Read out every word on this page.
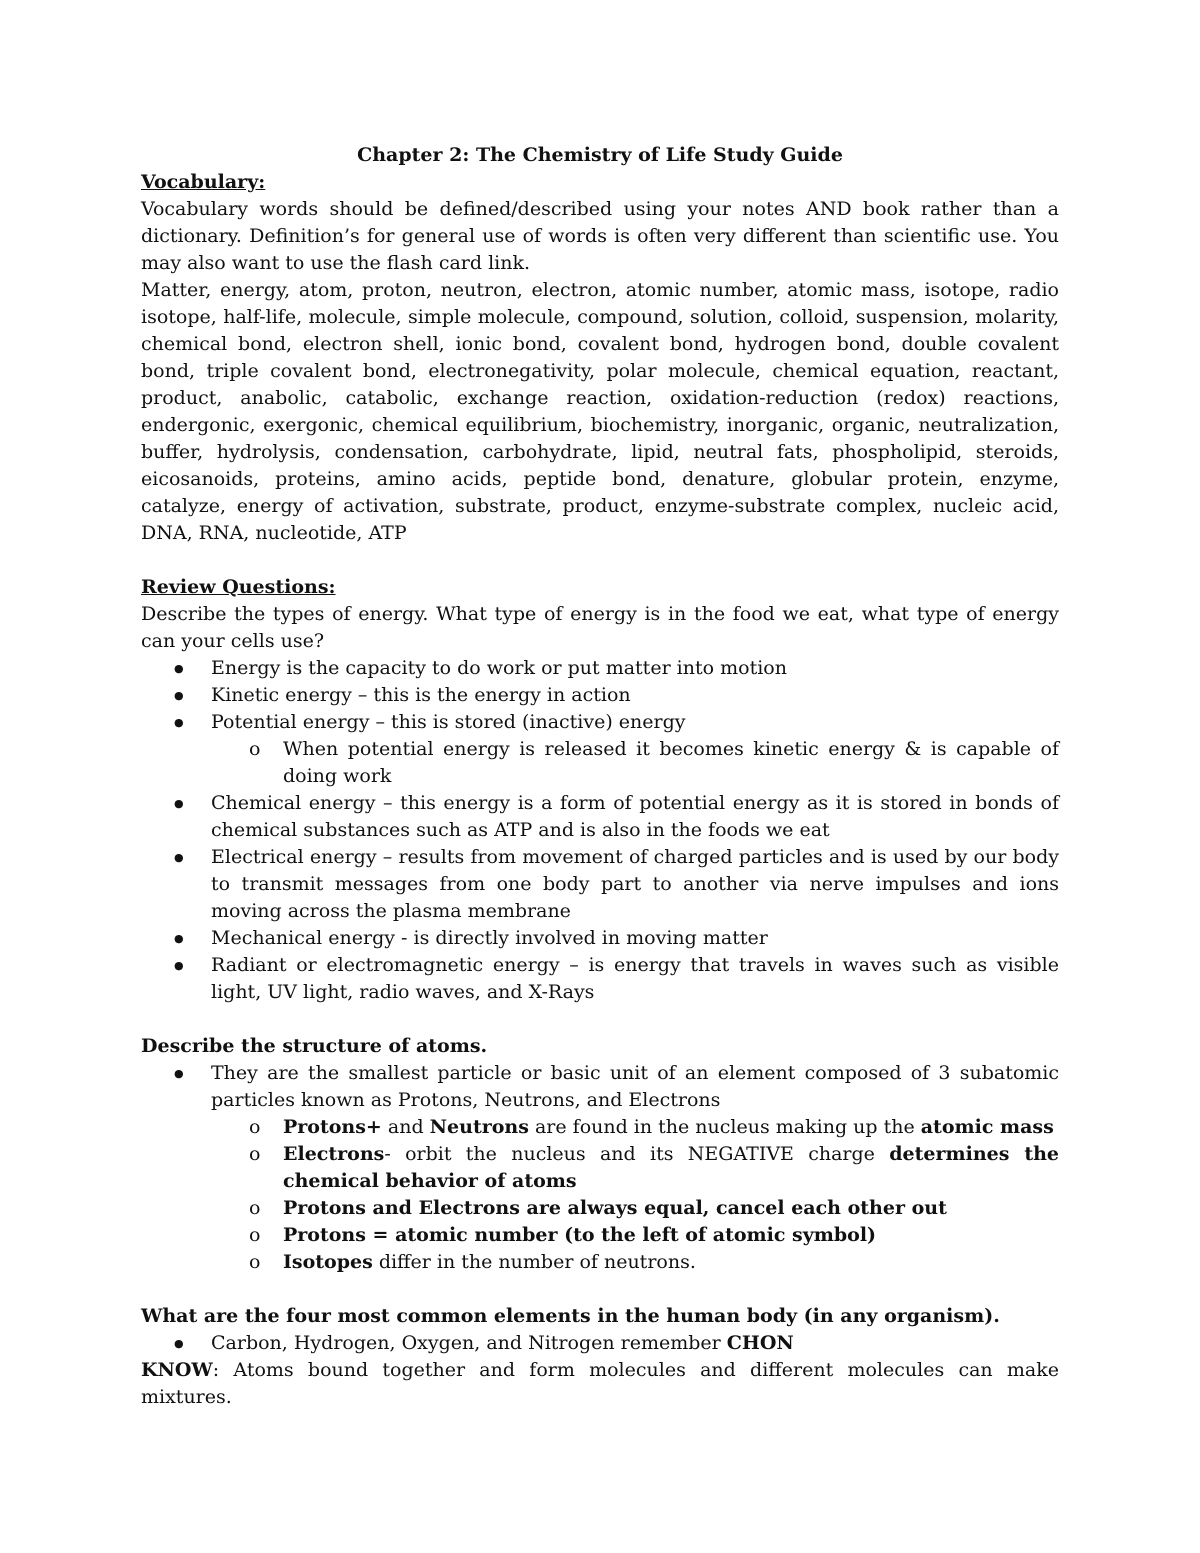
Chapter 2: The Chemistry of Life Study Guide

Vocabulary:

Vocabulary words should be defined/described using your notes AND book rather than a dictionary. Definition’s for general use of words is often very different than scientific use. You may also want to use the flash card link.

Matter, energy, atom, proton, neutron, electron, atomic number, atomic mass, isotope, radio isotope, half-life, molecule, simple molecule, compound, solution, colloid, suspension, molarity, chemical bond, electron shell, ionic bond, covalent bond, hydrogen bond, double covalent bond, triple covalent bond, electronegativity, polar molecule, chemical equation, reactant, product, anabolic, catabolic, exchange reaction, oxidation-reduction (redox) reactions, endergonic, exergonic, chemical equilibrium, biochemistry, inorganic, organic, neutralization, buffer, hydrolysis, condensation, carbohydrate, lipid, neutral fats, phospholipid, steroids, eicosanoids, proteins, amino acids, peptide bond, denature, globular protein, enzyme, catalyze, energy of activation, substrate, product, enzyme-substrate complex, nucleic acid, DNA, RNA, nucleotide, ATP

Review Questions:

Describe the types of energy. What type of energy is in the food we eat, what type of energy can your cells use?

● Energy is the capacity to do work or put matter into motion
● Kinetic energy – this is the energy in action
● Potential energy – this is stored (inactive) energy
o When potential energy is released it becomes kinetic energy & is capable of doing work
● Chemical energy – this energy is a form of potential energy as it is stored in bonds of chemical substances such as ATP and is also in the foods we eat
● Electrical energy – results from movement of charged particles and is used by our body to transmit messages from one body part to another via nerve impulses and ions moving across the plasma membrane
● Mechanical energy - is directly involved in moving matter
● Radiant or electromagnetic energy – is energy that travels in waves such as visible light, UV light, radio waves, and X-Rays

Describe the structure of atoms.

● They are the smallest particle or basic unit of an element composed of 3 subatomic particles known as Protons, Neutrons, and Electrons
o Protons+ and Neutrons are found in the nucleus making up the atomic mass
o Electrons- orbit the nucleus and its NEGATIVE charge determines the chemical behavior of atoms
o Protons and Electrons are always equal, cancel each other out
o Protons = atomic number (to the left of atomic symbol)
o Isotopes differ in the number of neutrons.

What are the four most common elements in the human body (in any organism).

● Carbon, Hydrogen, Oxygen, and Nitrogen remember CHON

KNOW: Atoms bound together and form molecules and different molecules can make mixtures.
